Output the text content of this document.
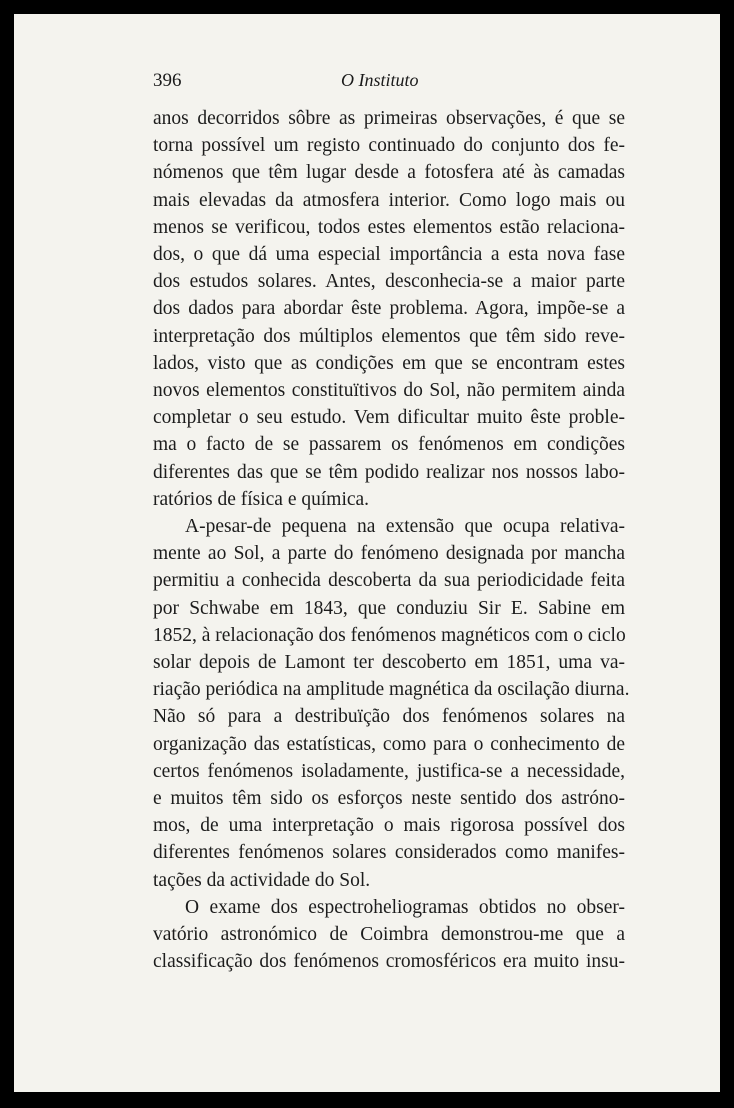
396	O Instituto

anos decorridos sôbre as primeiras observações, é que se

torna possível um registo continuado do conjunto dos fe-

nómenos que têm lugar desde a fotosfera até às camadas

mais elevadas da atmosfera interior. Como logo mais ou

menos se verificou, todos estes elementos estão relaciona-

dos, o que dá uma especial importância a esta nova fase

dos estudos solares. Antes, desconhecia-se a maior parte

dos dados para abordar êste problema. Agora, impõe-se a

interpretação dos múltiplos elementos que têm sido reve-

lados, visto que as condições em que se encontram estes

novos elementos constituïtivos do Sol, não permitem ainda

completar o seu estudo. Vem dificultar muito êste proble-

ma o facto de se passarem os fenómenos em condições

diferentes das que se têm podido realizar nos nossos labo-

ratórios de física e química.

A-pesar-de pequena na extensão que ocupa relativa-

mente ao Sol, a parte do fenómeno designada por mancha

permitiu a conhecida descoberta da sua periodicidade feita

por Schwabe em 1843, que conduziu Sir E. Sabine em

1852, à relacionação dos fenómenos magnéticos com o ciclo

solar depois de Lamont ter descoberto em 1851, uma va-

riação periódica na amplitude magnética da oscilação diurna.

Não só para a destribuïção dos fenómenos solares na

organização das estatísticas, como para o conhecimento de

certos fenómenos isoladamente, justifica-se a necessidade,

e muitos têm sido os esforços neste sentido dos astróno-

mos, de uma interpretação o mais rigorosa possível dos

diferentes fenómenos solares considerados como manifes-

tações da actividade do Sol.

O exame dos espectroheliogramas obtidos no obser-

vatório astronómico de Coimbra demonstrou-me que a

classificação dos fenómenos cromosféricos era muito insu-
